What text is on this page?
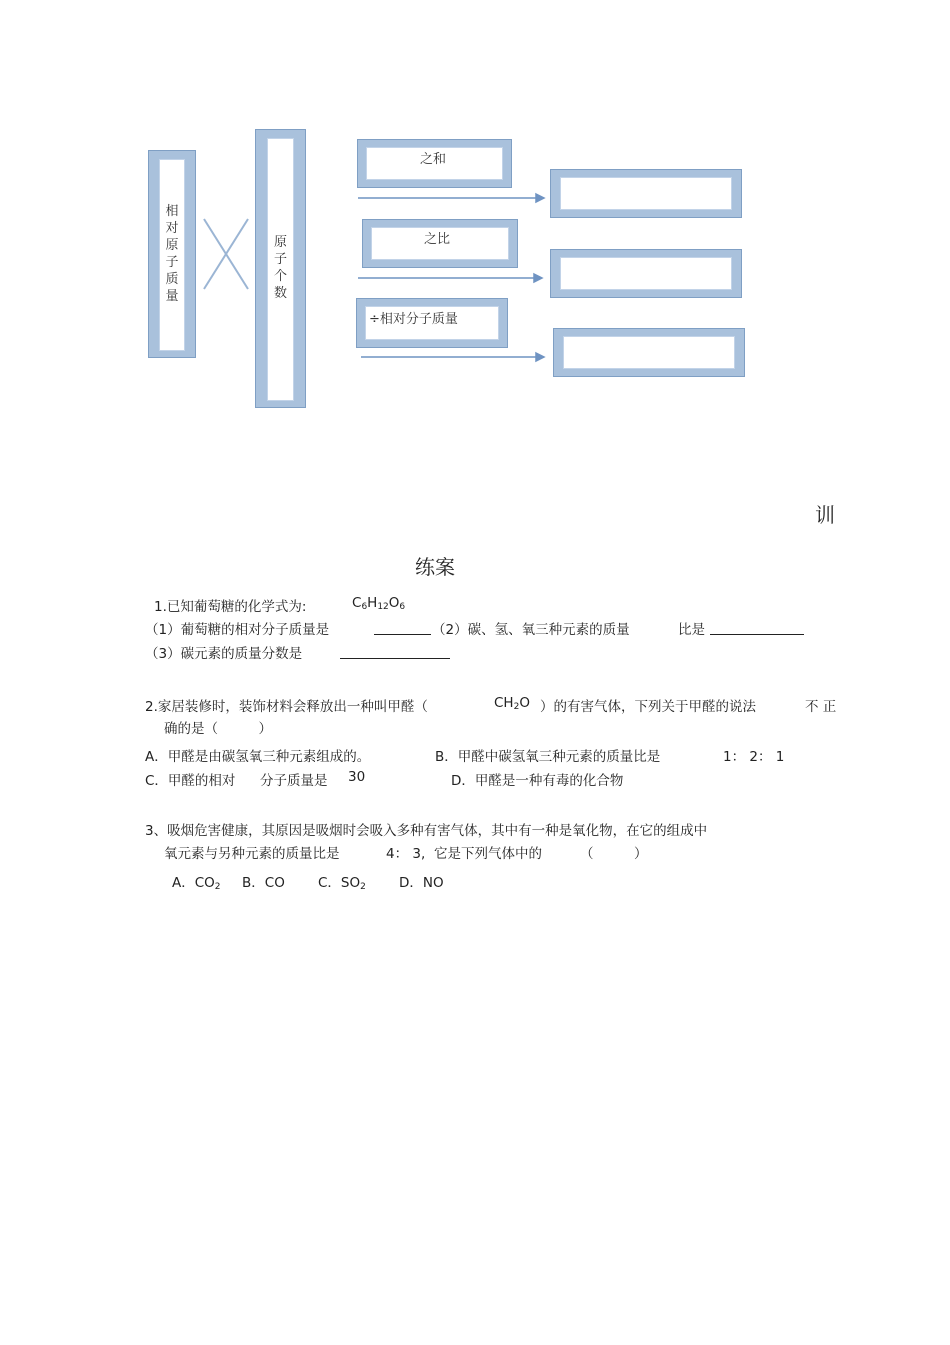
相
对
原
子
质
量
原
子
个
数
之和
之比
÷相对分子质量
训
练案
1.已知葡萄糖的化学式为:	$C_6H_{12}O_6$
（1）葡萄糖的相对分子质量是	（2）碳、氢、氧三种元素的质量	比是
（3）碳元素的质量分数是
2.家居装修时，装饰材料会释放出一种叫甲醛（	$CH_2O$ ）的有害气体，下列关于甲醛的说法	不 正
确的是（　　　）
A．甲醛是由碳氢氧三种元素组成的。	B．甲醛中碳氢氧三种元素的质量比是	1： 2： 1
C．甲醛的相对 分子质量是 30	D．甲醛是一种有毒的化合物
3、吸烟危害健康，其原因是吸烟时会吸入多种有害气体，其中有一种是氧化物，在它的组成中
氧元素与另种元素的质量比是	4： 3, 它是下列气体中的	（　　　）
A．$CO_2$ B．CO C．$SO_2$ D．NO
